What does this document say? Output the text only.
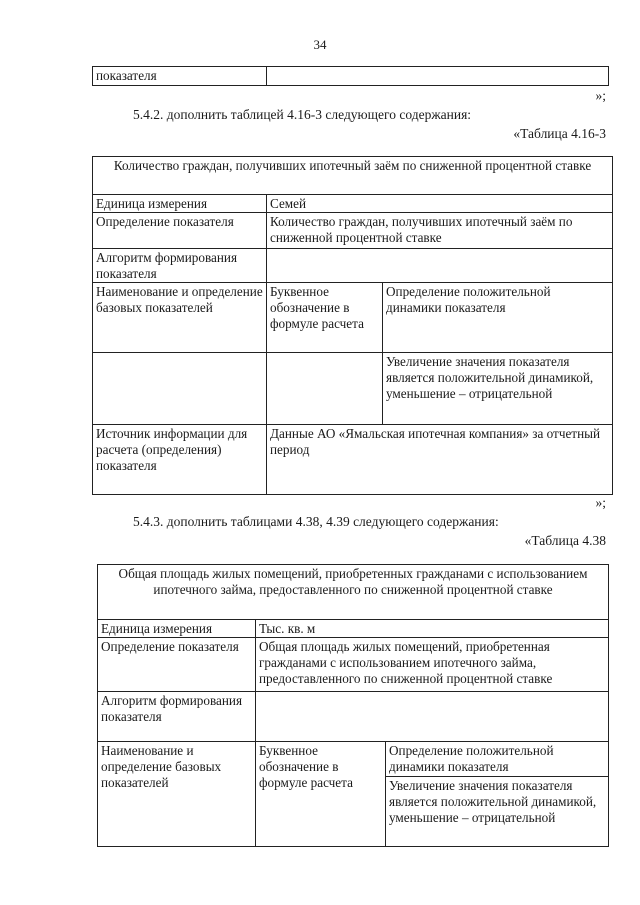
34
показателя	
»;
5.4.2. дополнить таблицей 4.16-3 следующего содержания:
«Таблица 4.16-3
Количество граждан, получивших ипотечный заём по сниженной процентной ставке		
Единица измерения	Семей	
Определение показателя	Количество граждан, получивших ипотечный заём по сниженной процентной ставке	
Алгоритм формирования показателя		
Наименование и определение базовых показателей	Буквенное обозначение в формуле расчета	Определение положительной динамики показателя
		Увеличение значения показателя является положительной динамикой, уменьшение – отрицательной
Источник информации для расчета (определения) показателя	Данные АО «Ямальская ипотечная компания» за отчетный период	
»;
5.4.3. дополнить таблицами 4.38, 4.39 следующего содержания:
«Таблица 4.38
Общая площадь жилых помещений, приобретенных гражданами с использованием ипотечного займа, предоставленного по сниженной процентной ставке		
Единица измерения	Тыс. кв. м	
Определение показателя	Общая площадь жилых помещений, приобретенная гражданами с использованием ипотечного займа, предоставленного по сниженной процентной ставке	
Алгоритм формирования показателя		
Наименование и определение базовых показателей	Буквенное обозначение в формуле расчета	Определение положительной динамики показателя
		Увеличение значения показателя является положительной динамикой, уменьшение – отрицательной
